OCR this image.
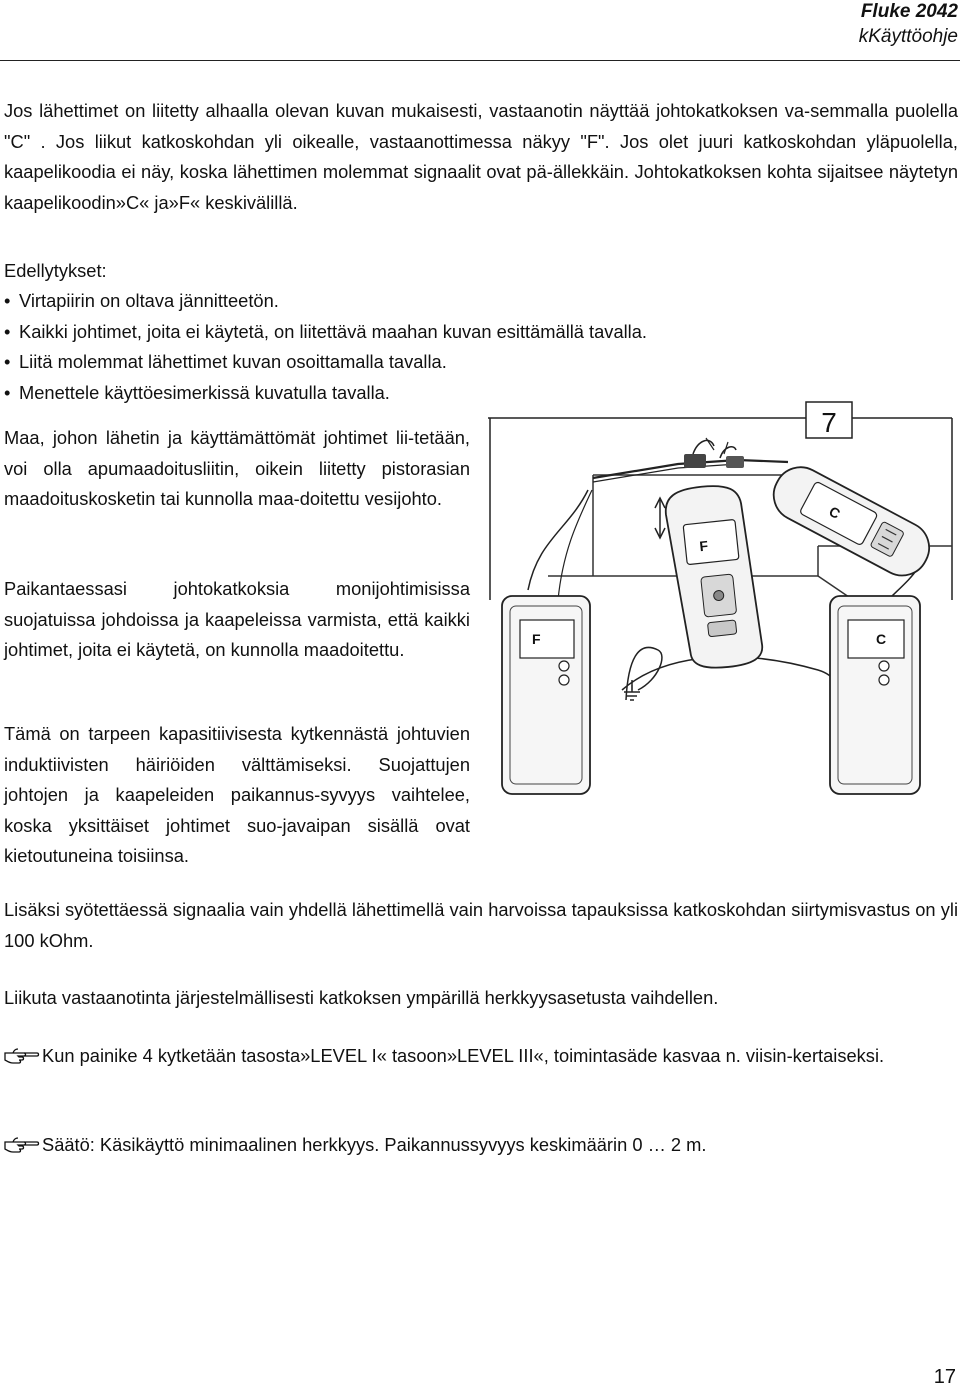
Fluke 2042
kKäyttöohje

Jos lähettimet on liitetty alhaalla olevan kuvan mukaisesti, vastaanotin näyttää johtokatkoksen va-semmalla puolella "C" . Jos liikut katkoskohdan yli oikealle, vastaanottimessa näkyy "F". Jos olet juuri katkoskohdan yläpuolella, kaapelikoodia ei näy, koska lähettimen molemmat signaalit ovat pä-ällekkäin. Johtokatkoksen kohta sijaitsee näytetyn kaapelikoodin»C« ja»F« keskivälillä.

Edellytykset:

• Virtapiirin on oltava jännitteetön.

• Kaikki johtimet, joita ei käytetä, on liitettävä maahan kuvan esittämällä tavalla.

• Liitä molemmat lähettimet kuvan osoittamalla tavalla.

• Menettele käyttöesimerkissä kuvatulla tavalla.

Maa, johon lähetin ja käyttämättömät johtimet lii-tetään, voi olla apumaadoitusliitin, oikein liitetty pistorasian maadoituskosketin tai kunnolla maa-doitettu vesijohto.

Paikantaessasi johtokatkoksia monijohtimisissa suojatuissa johdoissa ja kaapeleissa varmista, että kaikki johtimet, joita ei käytetä, on kunnolla maadoitettu.

Tämä on tarpeen kapasitiivisesta kytkennästä johtuvien induktiivisten häiriöiden välttämiseksi. Suojattujen johtojen ja kaapeleiden paikannus-syvyys vaihtelee, koska yksittäiset johtimet suo-javaipan sisällä ovat kietoutuneina toisiinsa.

7
C
F
F	C

Lisäksi syötettäessä signaalia vain yhdellä lähettimellä vain harvoissa tapauksissa katkoskohdan siirtymisvastus on yli 100 kOhm.

Liikuta vastaanotinta järjestelmällisesti katkoksen ympärillä herkkyysasetusta vaihdellen.

Kun painike 4 kytketään tasosta»LEVEL I« tasoon»LEVEL III«, toimintasäde kasvaa n. viisin-kertaiseksi.
Säätö: Käsikäyttö minimaalinen herkkyys. Paikannussyvyys keskimäärin 0 … 2 m.
17
